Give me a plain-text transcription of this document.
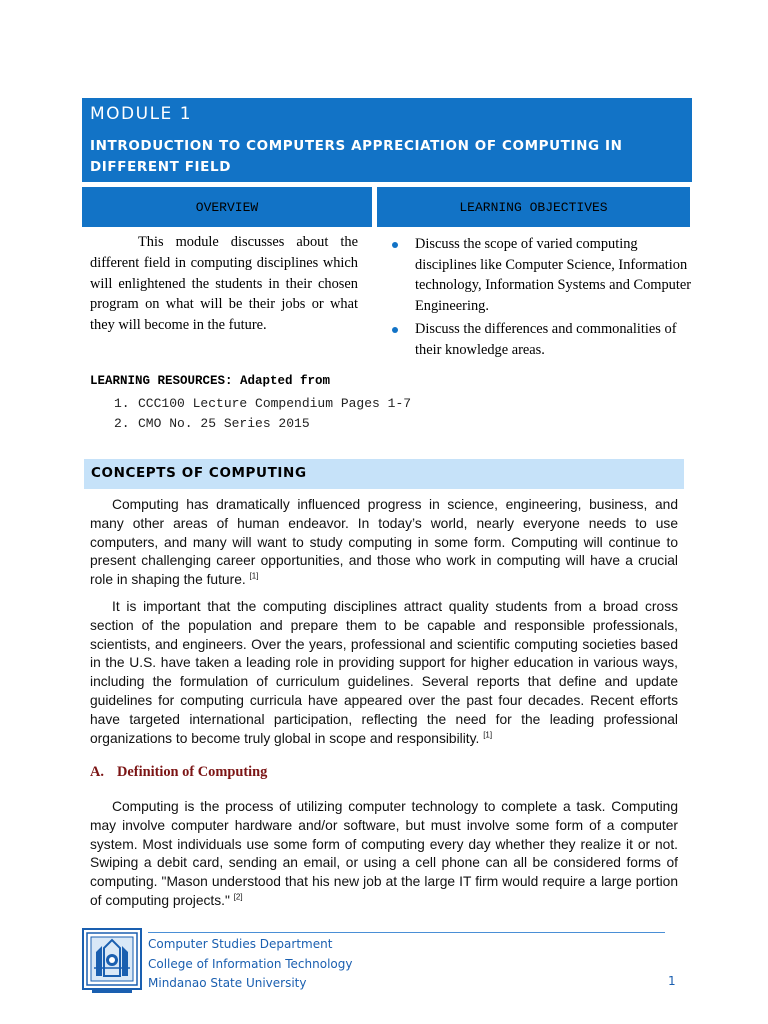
MODULE 1
INTRODUCTION TO COMPUTERS APPRECIATION OF COMPUTING IN DIFFERENT FIELD
OVERVIEW	LEARNING OBJECTIVES
This module discusses about the different field in computing disciplines which will enlightened the students in their chosen program on what will be their jobs or what they will become in the future.
Discuss the scope of varied computing disciplines like Computer Science, Information technology, Information Systems and Computer Engineering.
Discuss the differences and commonalities of their knowledge areas.
LEARNING RESOURCES: Adapted from
1. CCC100 Lecture Compendium Pages 1-7
2. CMO No. 25 Series 2015
CONCEPTS OF COMPUTING

Computing has dramatically influenced progress in science, engineering, business, and many other areas of human endeavor. In today’s world, nearly everyone needs to use computers, and many will want to study computing in some form. Computing will continue to present challenging career opportunities, and those who work in computing will have a crucial role in shaping the future. [1]

It is important that the computing disciplines attract quality students from a broad cross section of the population and prepare them to be capable and responsible professionals, scientists, and engineers. Over the years, professional and scientific computing societies based in the U.S. have taken a leading role in providing support for higher education in various ways, including the formulation of curriculum guidelines. Several reports that define and update guidelines for computing curricula have appeared over the past four decades. Recent efforts have targeted international participation, reflecting the need for the leading professional organizations to become truly global in scope and responsibility. [1]

A. Definition of Computing

Computing is the process of utilizing computer technology to complete a task. Computing may involve computer hardware and/or software, but must involve some form of a computer system. Most individuals use some form of computing every day whether they realize it or not. Swiping a debit card, sending an email, or using a cell phone can all be considered forms of computing. "Mason understood that his new job at the large IT firm would require a large portion of computing projects." [2]

Computer Studies Department
College of Information Technology
Mindanao State University	1
